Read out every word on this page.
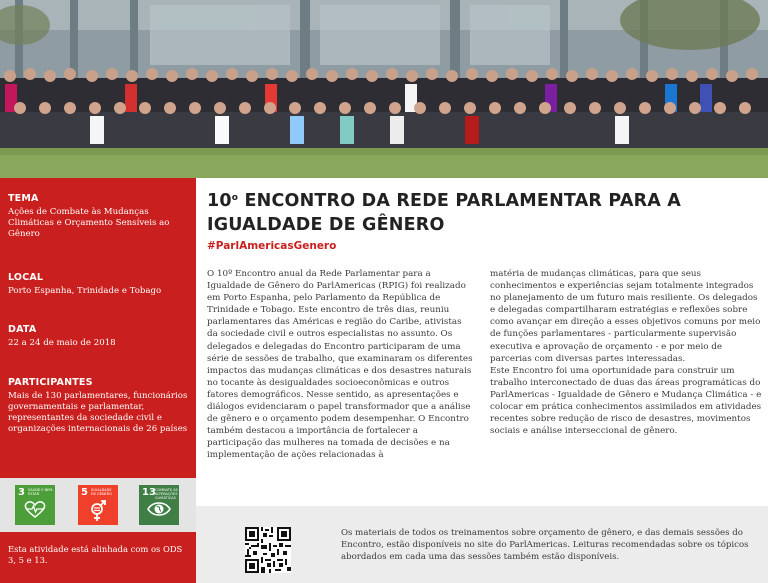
TEMA
Ações de Combate às Mudanças Climáticas e Orçamento Sensíveis ao Gênero
LOCAL
Porto Espanha, Trinidade e Tobago
DATA
22 a 24 de maio de 2018
PARTICIPANTES
Mais de 130 parlamentares, funcionários governamentais e parlamentar, representantes da sociedade civil e organizações internacionais de 26 países
3 SAÚDE E BEM-ESTAR	5 IGUALDADE DE GÊNERO	13 COMBATE ÀS ALTERAÇÕES CLIMÁTICAS
Esta atividade está alinhada com os ODS 3, 5 e 13.
10$^o$ ENCONTRO DA REDE PARLAMENTAR PARA A IGUALDADE DE GÊNERO
#ParlAmericasGenero

O 10º Encontro anual da Rede Parlamentar para a Igualdade de Gênero do ParlAmericas (RPIG) foi realizado em Porto Espanha, pelo Parlamento da República de Trinidade e Tobago. Este encontro de três dias, reuniu parlamentares das Américas e região do Caribe, ativistas da sociedade civil e outros especialistas no assunto. Os delegados e delegadas do Encontro participaram de uma série de sessões de trabalho, que examinaram os diferentes impactos das mudanças climáticas e dos desastres naturais no tocante às desigualdades socioeconômicas e outros fatores demográficos. Nesse sentido, as apresentações e diálogos evidenciaram o papel transformador que a análise de gênero e o orçamento podem desempenhar. O Encontro também destacou a importância de fortalecer a participação das mulheres na tomada de decisões e na implementação de ações relacionadas à

matéria de mudanças climáticas, para que seus conhecimentos e experiências sejam totalmente integrados no planejamento de um futuro mais resiliente. Os delegados e delegadas compartilharam estratégias e reflexões sobre como avançar em direção a esses objetivos comuns por meio de funções parlamentares - particularmente supervisão executiva e aprovação de orçamento - e por meio de parcerias com diversas partes interessadas.

Este Encontro foi uma oportunidade para construir um trabalho interconectado de duas das áreas programáticas do ParlAmericas - Igualdade de Gênero e Mudança Climática - e colocar em prática conhecimentos assimilados em atividades recentes sobre redução de risco de desastres, movimentos sociais e análise interseccional de gênero.

Os materiais de todos os treinamentos sobre orçamento de gênero, e das demais sessões do Encontro, estão disponíveis no site do ParlAmericas. Leituras recomendadas sobre os tópicos abordados em cada uma das sessões também estão disponíveis.
